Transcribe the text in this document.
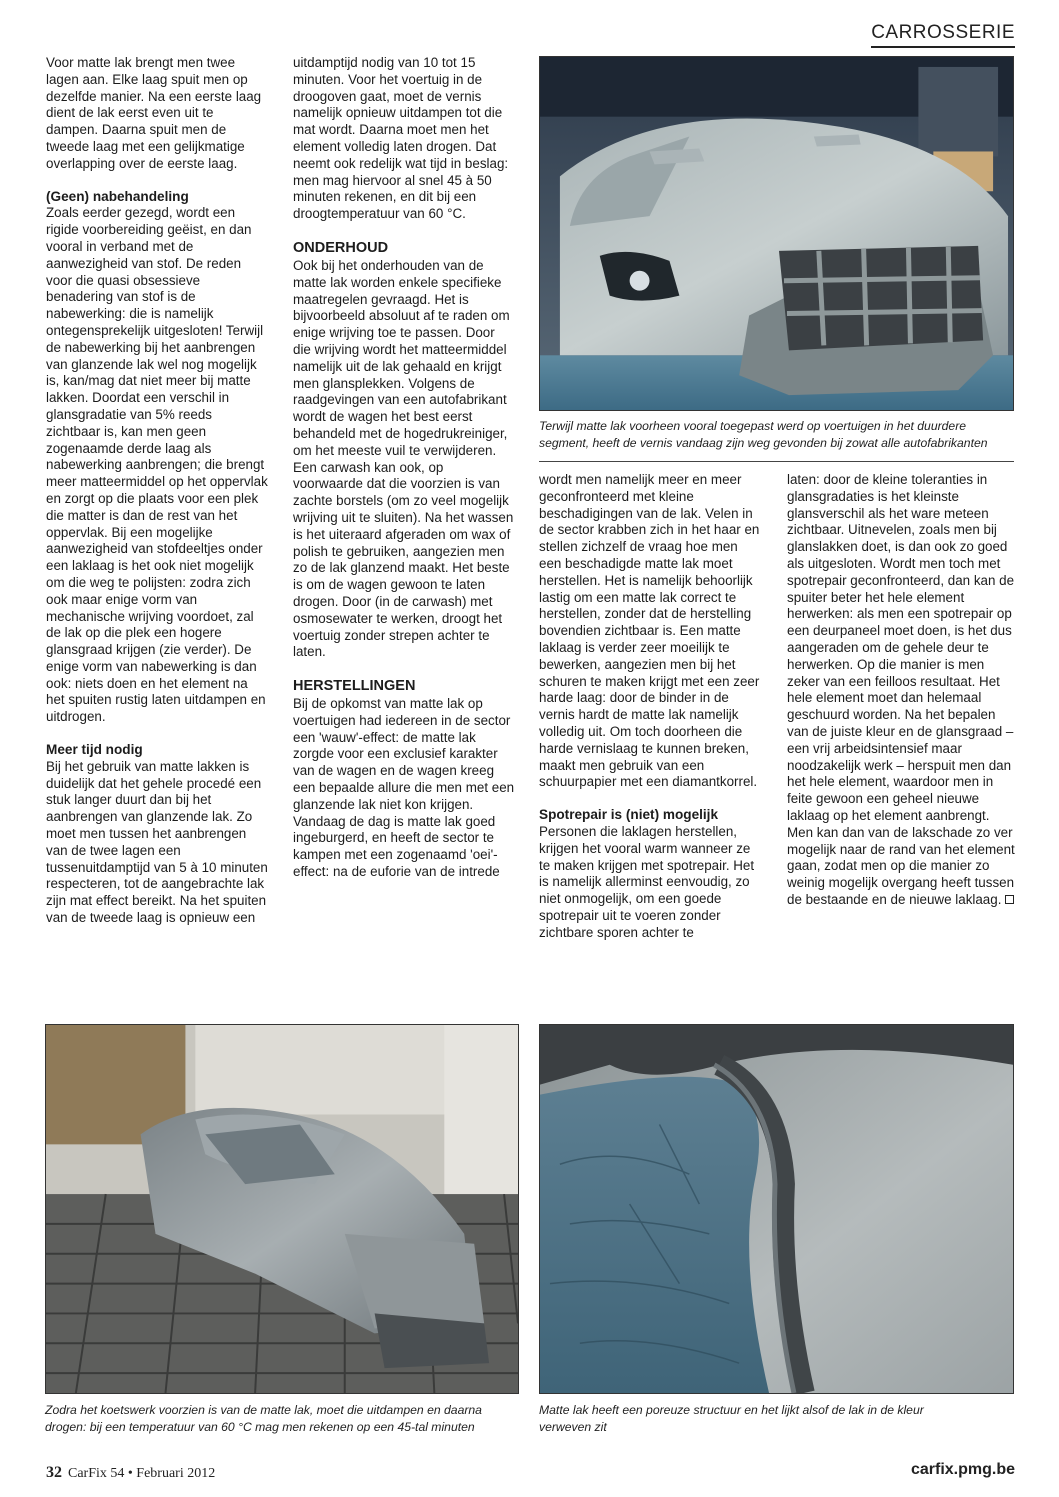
CARROSSERIE

Voor matte lak brengt men twee lagen aan. Elke laag spuit men op dezelfde manier. Na een eerste laag dient de lak eerst even uit te dampen. Daarna spuit men de tweede laag met een gelijkmatige overlapping over de eerste laag.

(Geen) nabehandeling

Zoals eerder gezegd, wordt een rigide voorbereiding geëist, en dan vooral in verband met de aanwezigheid van stof. De reden voor die quasi obsessieve benadering van stof is de nabewerking: die is namelijk ontegensprekelijk uitgesloten! Terwijl de nabewerking bij het aanbrengen van glanzende lak wel nog mogelijk is, kan/mag dat niet meer bij matte lakken. Doordat een verschil in glansgradatie van 5% reeds zichtbaar is, kan men geen zogenaamde derde laag als nabewerking aanbrengen; die brengt meer matteermiddel op het oppervlak en zorgt op die plaats voor een plek die matter is dan de rest van het oppervlak. Bij een mogelijke aanwezigheid van stofdeeltjes onder een laklaag is het ook niet mogelijk om die weg te polijsten: zodra zich ook maar enige vorm van mechanische wrijving voordoet, zal de lak op die plek een hogere glansgraad krijgen (zie verder). De enige vorm van nabewerking is dan ook: niets doen en het element na het spuiten rustig laten uitdampen en uitdrogen.

Meer tijd nodig

Bij het gebruik van matte lakken is duidelijk dat het gehele procedé een stuk langer duurt dan bij het aanbrengen van glanzende lak. Zo moet men tussen het aanbrengen van de twee lagen een tussenuitdamptijd van 5 à 10 minuten respecteren, tot de aangebrachte lak zijn mat effect bereikt. Na het spuiten van de tweede laag is opnieuw een

uitdamptijd nodig van 10 tot 15 minuten. Voor het voertuig in de droogoven gaat, moet de vernis namelijk opnieuw uitdampen tot die mat wordt. Daarna moet men het element volledig laten drogen. Dat neemt ook redelijk wat tijd in beslag: men mag hiervoor al snel 45 à 50 minuten rekenen, en dit bij een droogtemperatuur van 60 °C.

ONDERHOUD

Ook bij het onderhouden van de matte lak worden enkele specifieke maatregelen gevraagd. Het is bijvoorbeeld absoluut af te raden om enige wrijving toe te passen. Door die wrijving wordt het matteermiddel namelijk uit de lak gehaald en krijgt men glansplekken. Volgens de raadgevingen van een autofabrikant wordt de wagen het best eerst behandeld met de hogedrukreiniger, om het meeste vuil te verwijderen. Een carwash kan ook, op voorwaarde dat die voorzien is van zachte borstels (om zo veel mogelijk wrijving uit te sluiten). Na het wassen is het uiteraard afgeraden om wax of polish te gebruiken, aangezien men zo de lak glanzend maakt. Het beste is om de wagen gewoon te laten drogen. Door (in de carwash) met osmosewater te werken, droogt het voertuig zonder strepen achter te laten.

HERSTELLINGEN

Bij de opkomst van matte lak op voertuigen had iedereen in de sector een 'wauw'-effect: de matte lak zorgde voor een exclusief karakter van de wagen en de wagen kreeg een bepaalde allure die men met een glanzende lak niet kon krijgen. Vandaag de dag is matte lak goed ingeburgerd, en heeft de sector te kampen met een zogenaamd 'oei'-effect: na de euforie van de intrede

Terwijl matte lak voorheen vooral toegepast werd op voertuigen in het duurdere segment, heeft de vernis vandaag zijn weg gevonden bij zowat alle autofabrikanten

wordt men namelijk meer en meer geconfronteerd met kleine beschadigingen van de lak. Velen in de sector krabben zich in het haar en stellen zichzelf de vraag hoe men een beschadigde matte lak moet herstellen. Het is namelijk behoorlijk lastig om een matte lak correct te herstellen, zonder dat de herstelling bovendien zichtbaar is. Een matte laklaag is verder zeer moeilijk te bewerken, aangezien men bij het schuren te maken krijgt met een zeer harde laag: door de binder in de vernis hardt de matte lak namelijk volledig uit. Om toch doorheen die harde vernislaag te kunnen breken, maakt men gebruik van een schuurpapier met een diamantkorrel.

Spotrepair is (niet) mogelijk

Personen die laklagen herstellen, krijgen het vooral warm wanneer ze te maken krijgen met spotrepair. Het is namelijk allerminst eenvoudig, zo niet onmogelijk, om een goede spotrepair uit te voeren zonder zichtbare sporen achter te

laten: door de kleine toleranties in glansgradaties is het kleinste glansverschil als het ware meteen zichtbaar. Uitnevelen, zoals men bij glanslakken doet, is dan ook zo goed als uitgesloten. Wordt men toch met spotrepair geconfronteerd, dan kan de spuiter beter het hele element herwerken: als men een spotrepair op een deurpaneel moet doen, is het dus aangeraden om de gehele deur te herwerken. Op die manier is men zeker van een feilloos resultaat. Het hele element moet dan helemaal geschuurd worden. Na het bepalen van de juiste kleur en de glansgraad – een vrij arbeidsintensief maar noodzakelijk werk – herspuit men dan het hele element, waardoor men in feite gewoon een geheel nieuwe laklaag op het element aanbrengt. Men kan dan van de lakschade zo ver mogelijk naar de rand van het element gaan, zodat men op die manier zo weinig mogelijk overgang heeft tussen de bestaande en de nieuwe laklaag.

Zodra het koetswerk voorzien is van de matte lak, moet die uitdampen en daarna drogen: bij een temperatuur van 60 °C mag men rekenen op een 45-tal minuten
Matte lak heeft een poreuze structuur en het lijkt alsof de lak in de kleur verweven zit
32 CarFix 54 • Februari 2012	carfix.pmg.be
